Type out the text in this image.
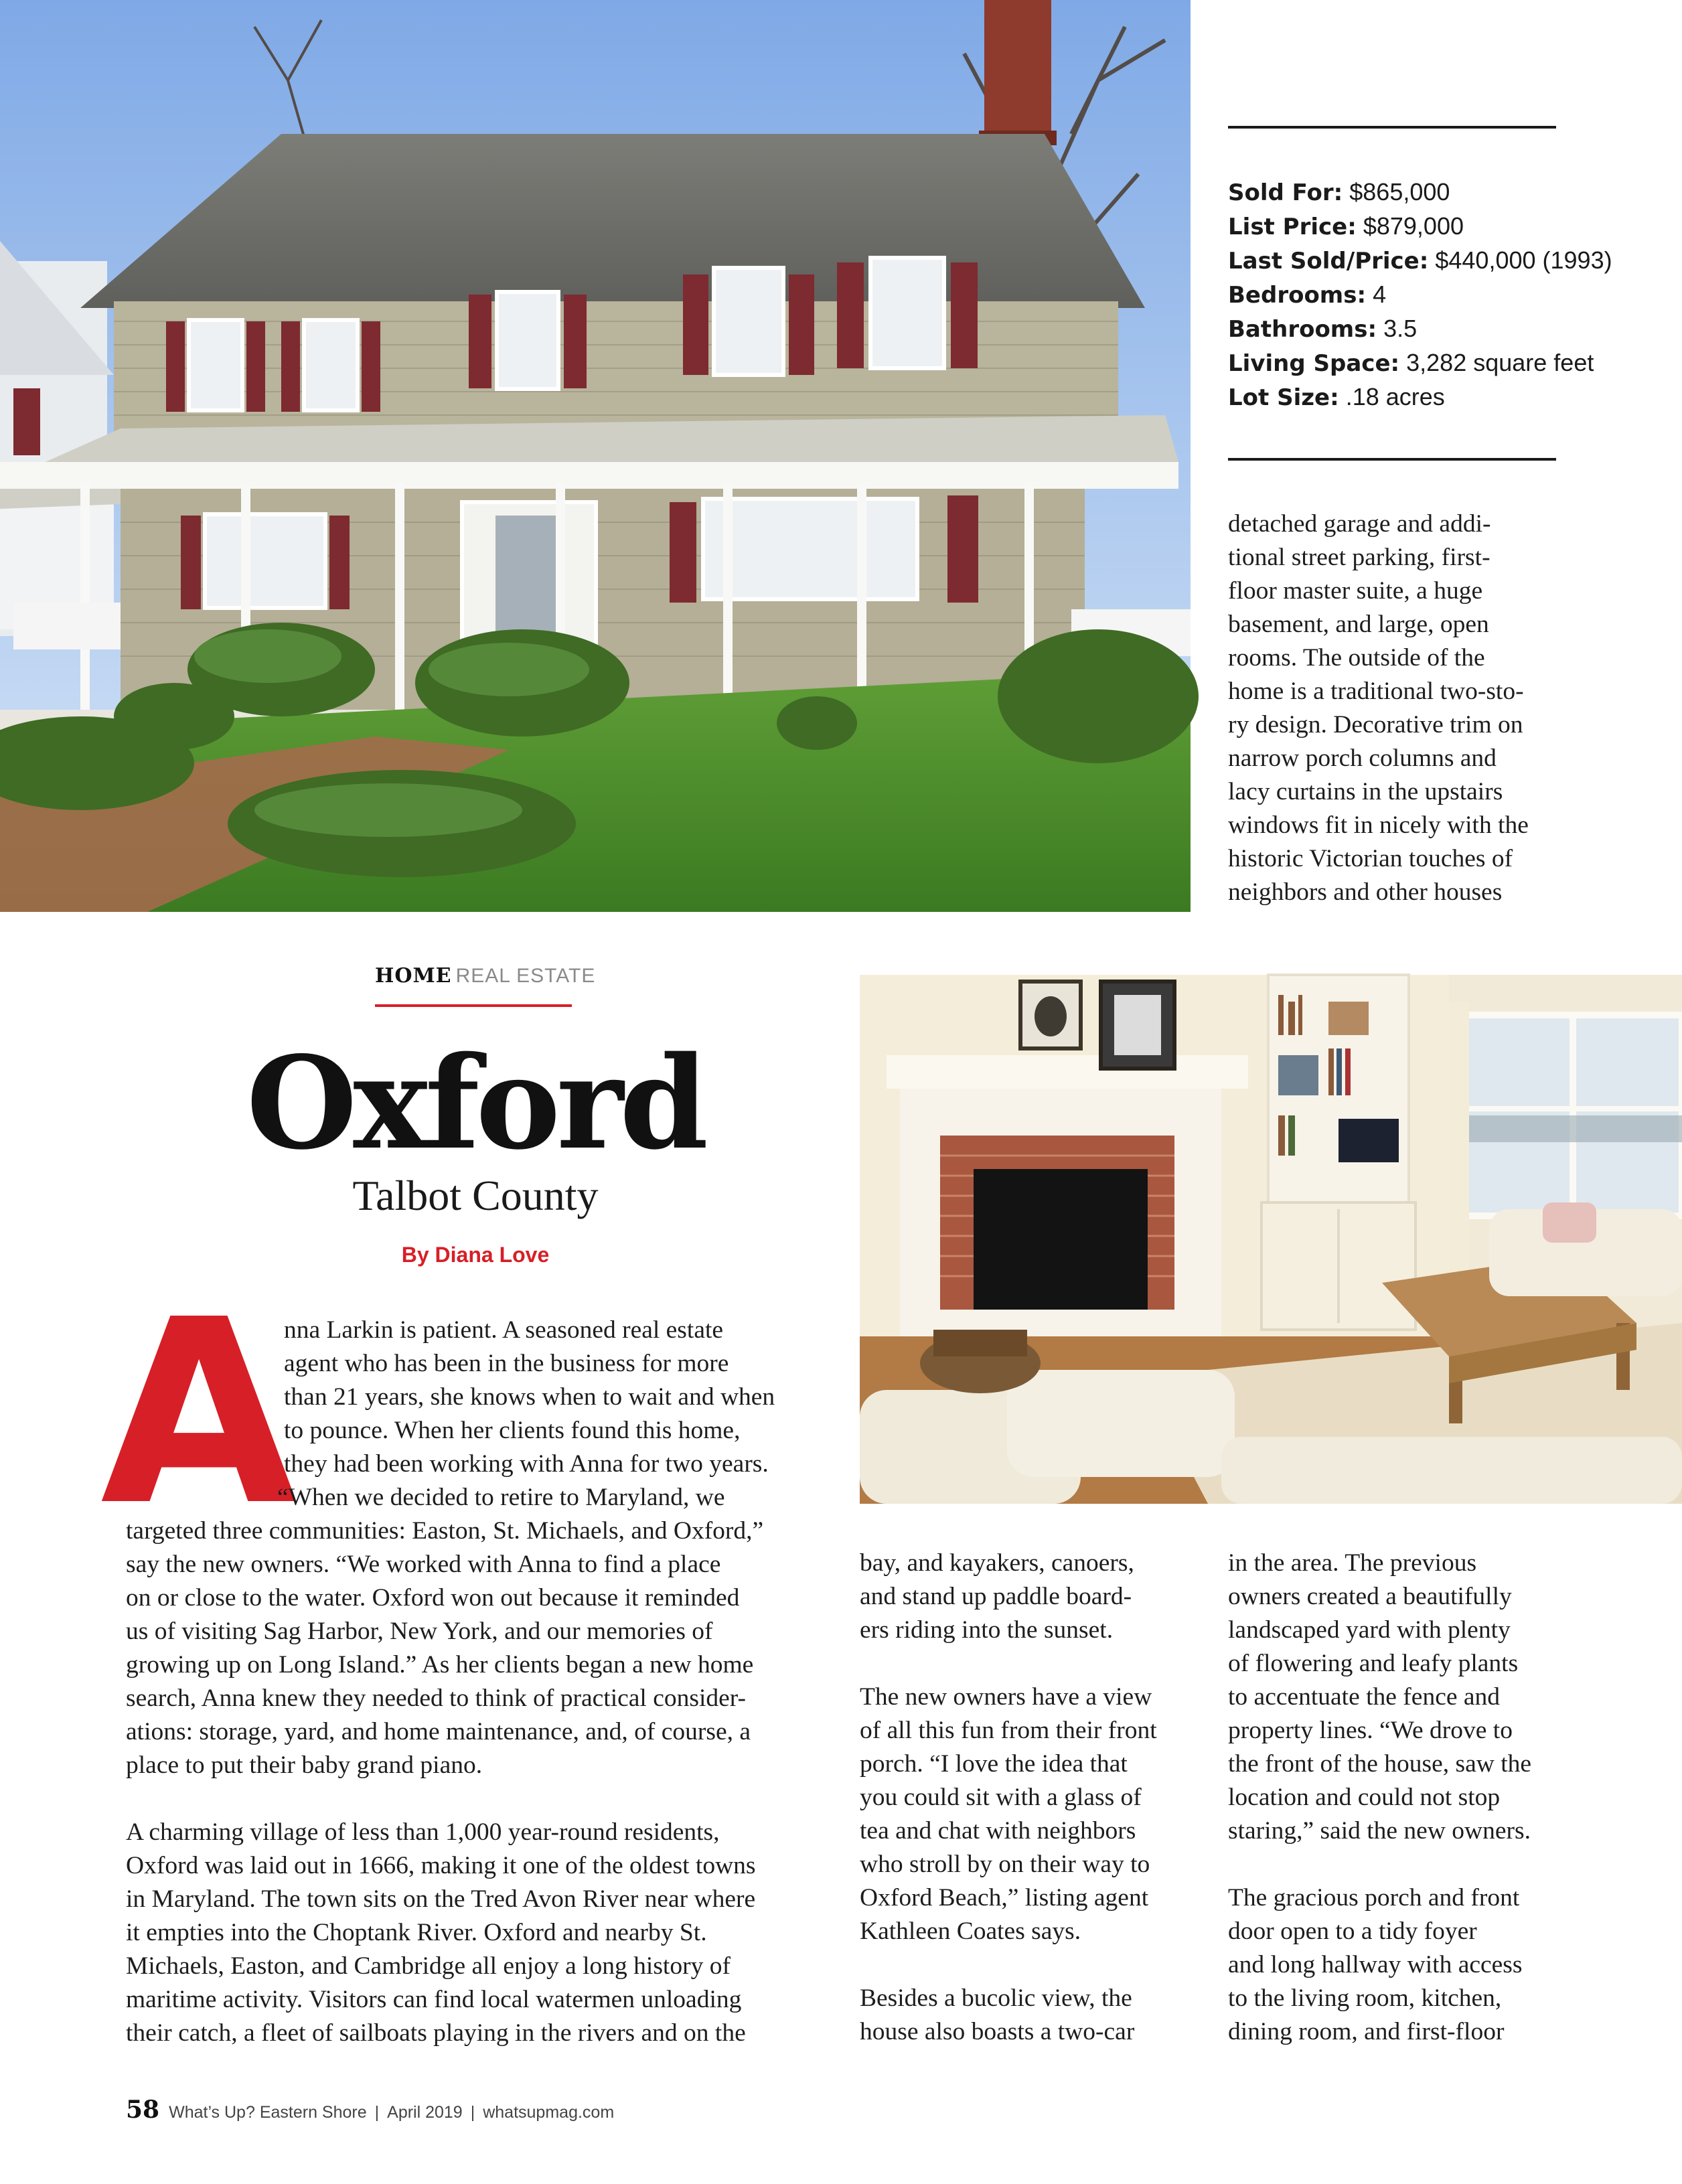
Sold For: $865,000
List Price: $879,000
Last Sold/Price: $440,000 (1993)
Bedrooms: 4
Bathrooms: 3.5
Living Space: 3,282 square feet
Lot Size: .18 acres

detached garage and addi-

tional street parking, first-

floor master suite, a huge

basement, and large, open

rooms. The outside of the

home is a traditional two-sto-

ry design. Decorative trim on

narrow porch columns and

lacy curtains in the upstairs

windows fit in nicely with the

historic Victorian touches of

neighbors and other houses

HOME REAL ESTATE
Oxford
Talbot County
By Diana Love
A

nna Larkin is patient. A seasoned real estate

agent who has been in the business for more

than 21 years, she knows when to wait and when

to pounce. When her clients found this home,

they had been working with Anna for two years.

“When we decided to retire to Maryland, we

targeted three communities: Easton, St. Michaels, and Oxford,”

say the new owners. “We worked with Anna to find a place

on or close to the water. Oxford won out because it reminded

us of visiting Sag Harbor, New York, and our memories of

growing up on Long Island.” As her clients began a new home

search, Anna knew they needed to think of practical consider-

ations: storage, yard, and home maintenance, and, of course, a

place to put their baby grand piano.

A charming village of less than 1,000 year-round residents,

Oxford was laid out in 1666, making it one of the oldest towns

in Maryland. The town sits on the Tred Avon River near where

it empties into the Choptank River. Oxford and nearby St.

Michaels, Easton, and Cambridge all enjoy a long history of

maritime activity. Visitors can find local watermen unloading

their catch, a fleet of sailboats playing in the rivers and on the

bay, and kayakers, canoers,

and stand up paddle board-

ers riding into the sunset.

The new owners have a view

of all this fun from their front

porch. “I love the idea that

you could sit with a glass of

tea and chat with neighbors

who stroll by on their way to

Oxford Beach,” listing agent

Kathleen Coates says.

Besides a bucolic view, the

house also boasts a two-car

in the area. The previous

owners created a beautifully

landscaped yard with plenty

of flowering and leafy plants

to accentuate the fence and

property lines. “We drove to

the front of the house, saw the

location and could not stop

staring,” said the new owners.

The gracious porch and front

door open to a tidy foyer

and long hallway with access

to the living room, kitchen,

dining room, and first-floor

58 What’s Up? Eastern Shore | April 2019 | whatsupmag.com
